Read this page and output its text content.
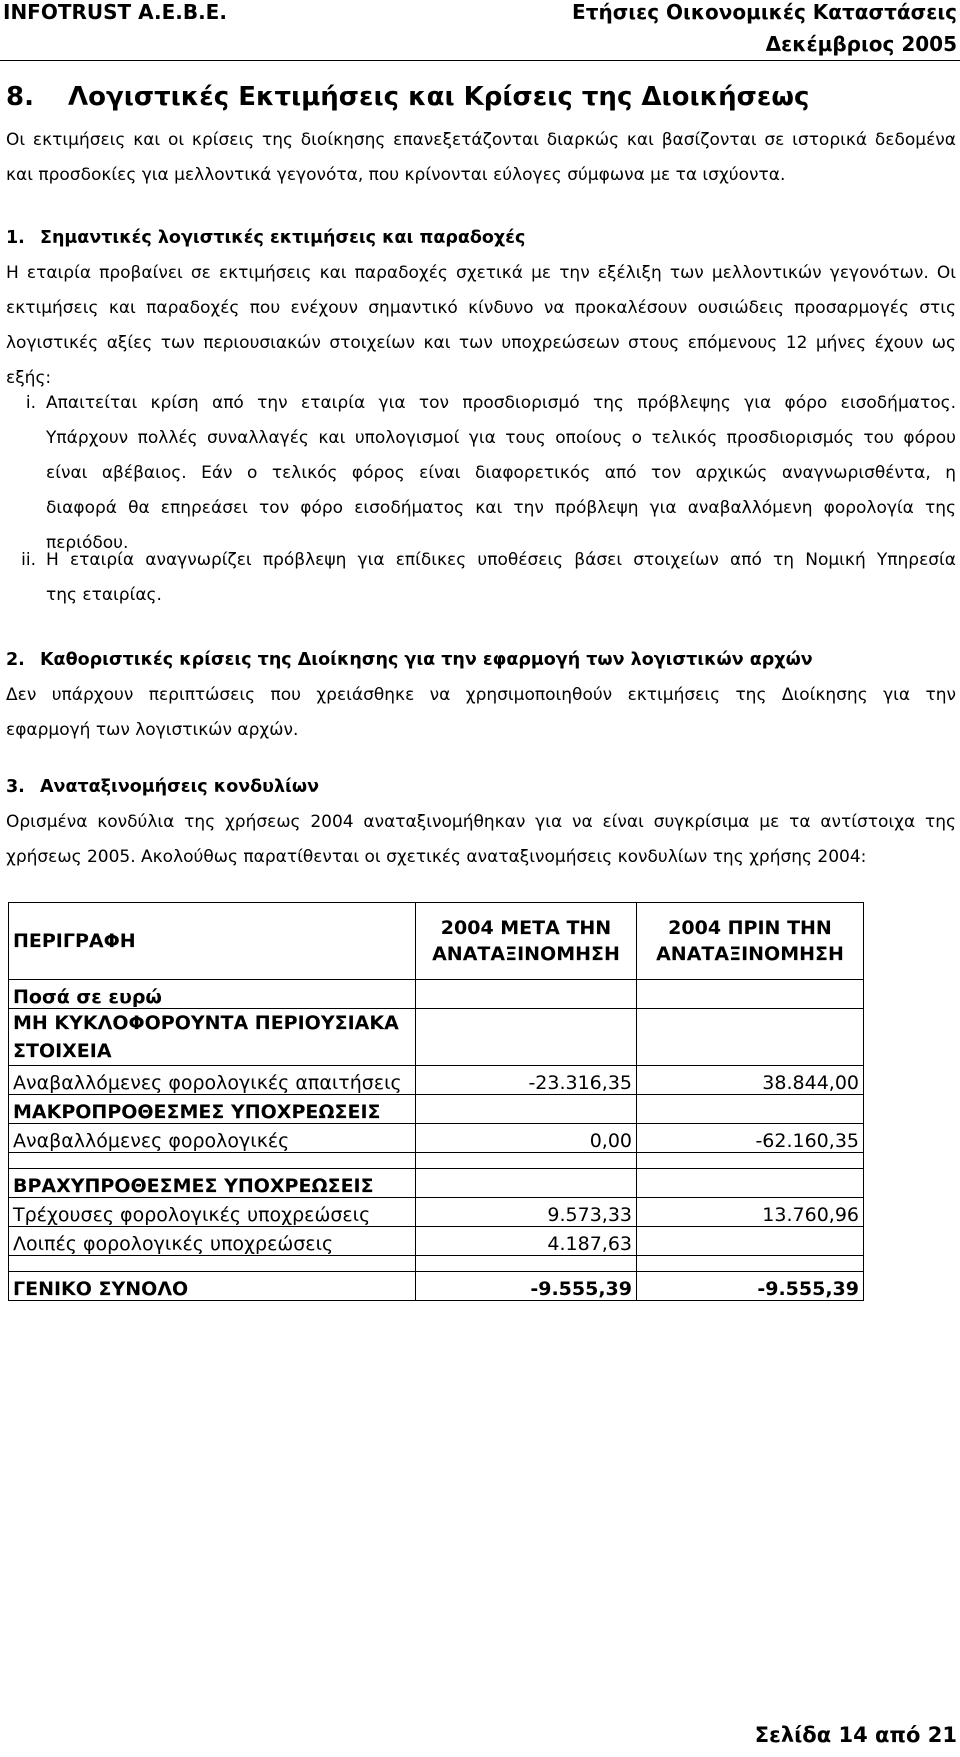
INFOTRUST A.E.B.E.	Ετήσιες Οικονομικές Καταστάσεις
Δεκέμβριος 2005
8. Λογιστικές Εκτιμήσεις και Κρίσεις της Διοικήσεως
Οι εκτιμήσεις και οι κρίσεις της διοίκησης επανεξετάζονται διαρκώς και βασίζονται σε ιστορικά δεδομένα
και προσδοκίες για μελλοντικά γεγονότα, που κρίνονται εύλογες σύμφωνα με τα ισχύοντα.
1. Σημαντικές λογιστικές εκτιμήσεις και παραδοχές
Η εταιρία προβαίνει σε εκτιμήσεις και παραδοχές σχετικά με την εξέλιξη των μελλοντικών γεγονότων. Οι
εκτιμήσεις και παραδοχές που ενέχουν σημαντικό κίνδυνο να προκαλέσουν ουσιώδεις προσαρμογές στις
λογιστικές αξίες των περιουσιακών στοιχείων και των υποχρεώσεων στους επόμενους 12 μήνες έχουν ως
εξής:
i. Απαιτείται κρίση από την εταιρία για τον προσδιορισμό της πρόβλεψης για φόρο εισοδήματος.
Υπάρχουν πολλές συναλλαγές και υπολογισμοί για τους οποίους ο τελικός προσδιορισμός του φόρου
είναι αβέβαιος. Εάν ο τελικός φόρος είναι διαφορετικός από τον αρχικώς αναγνωρισθέντα, η
διαφορά θα επηρεάσει τον φόρο εισοδήματος και την πρόβλεψη για αναβαλλόμενη φορολογία της
περιόδου.
ii. Η εταιρία αναγνωρίζει πρόβλεψη για επίδικες υποθέσεις βάσει στοιχείων από τη Νομική Υπηρεσία
της εταιρίας.
2. Καθοριστικές κρίσεις της Διοίκησης για την εφαρμογή των λογιστικών αρχών
Δεν υπάρχουν περιπτώσεις που χρειάσθηκε να χρησιμοποιηθούν εκτιμήσεις της Διοίκησης για την
εφαρμογή των λογιστικών αρχών.
3. Αναταξινομήσεις κονδυλίων
Ορισμένα κονδύλια της χρήσεως 2004 αναταξινομήθηκαν για να είναι συγκρίσιμα με τα αντίστοιχα της
χρήσεως 2005. Ακολούθως παρατίθενται οι σχετικές αναταξινομήσεις κονδυλίων της χρήσης 2004:
ΠΕΡΙΓΡΑΦΗ	2004 ΜΕΤΑ ΤΗΝ ΑΝΑΤΑΞΙΝΟΜΗΣΗ	2004 ΠΡΙΝ ΤΗΝ ΑΝΑΤΑΞΙΝΟΜΗΣΗ
Ποσά σε ευρώ		
ΜΗ ΚΥΚΛΟΦΟΡΟΥΝΤΑ ΠΕΡΙΟΥΣΙΑΚΑ ΣΤΟΙΧΕΙΑ		
Αναβαλλόμενες φορολογικές απαιτήσεις	-23.316,35	38.844,00
ΜΑΚΡΟΠΡΟΘΕΣΜΕΣ ΥΠΟΧΡΕΩΣΕΙΣ		
Αναβαλλόμενες φορολογικές	0,00	-62.160,35

ΒΡΑΧΥΠΡΟΘΕΣΜΕΣ ΥΠΟΧΡΕΩΣΕΙΣ		
Τρέχουσες φορολογικές υποχρεώσεις	9.573,33	13.760,96
Λοιπές φορολογικές υποχρεώσεις	4.187,63	

ΓΕΝΙΚΟ ΣΥΝΟΛΟ	-9.555,39	-9.555,39
Σελίδα 14 από 21
